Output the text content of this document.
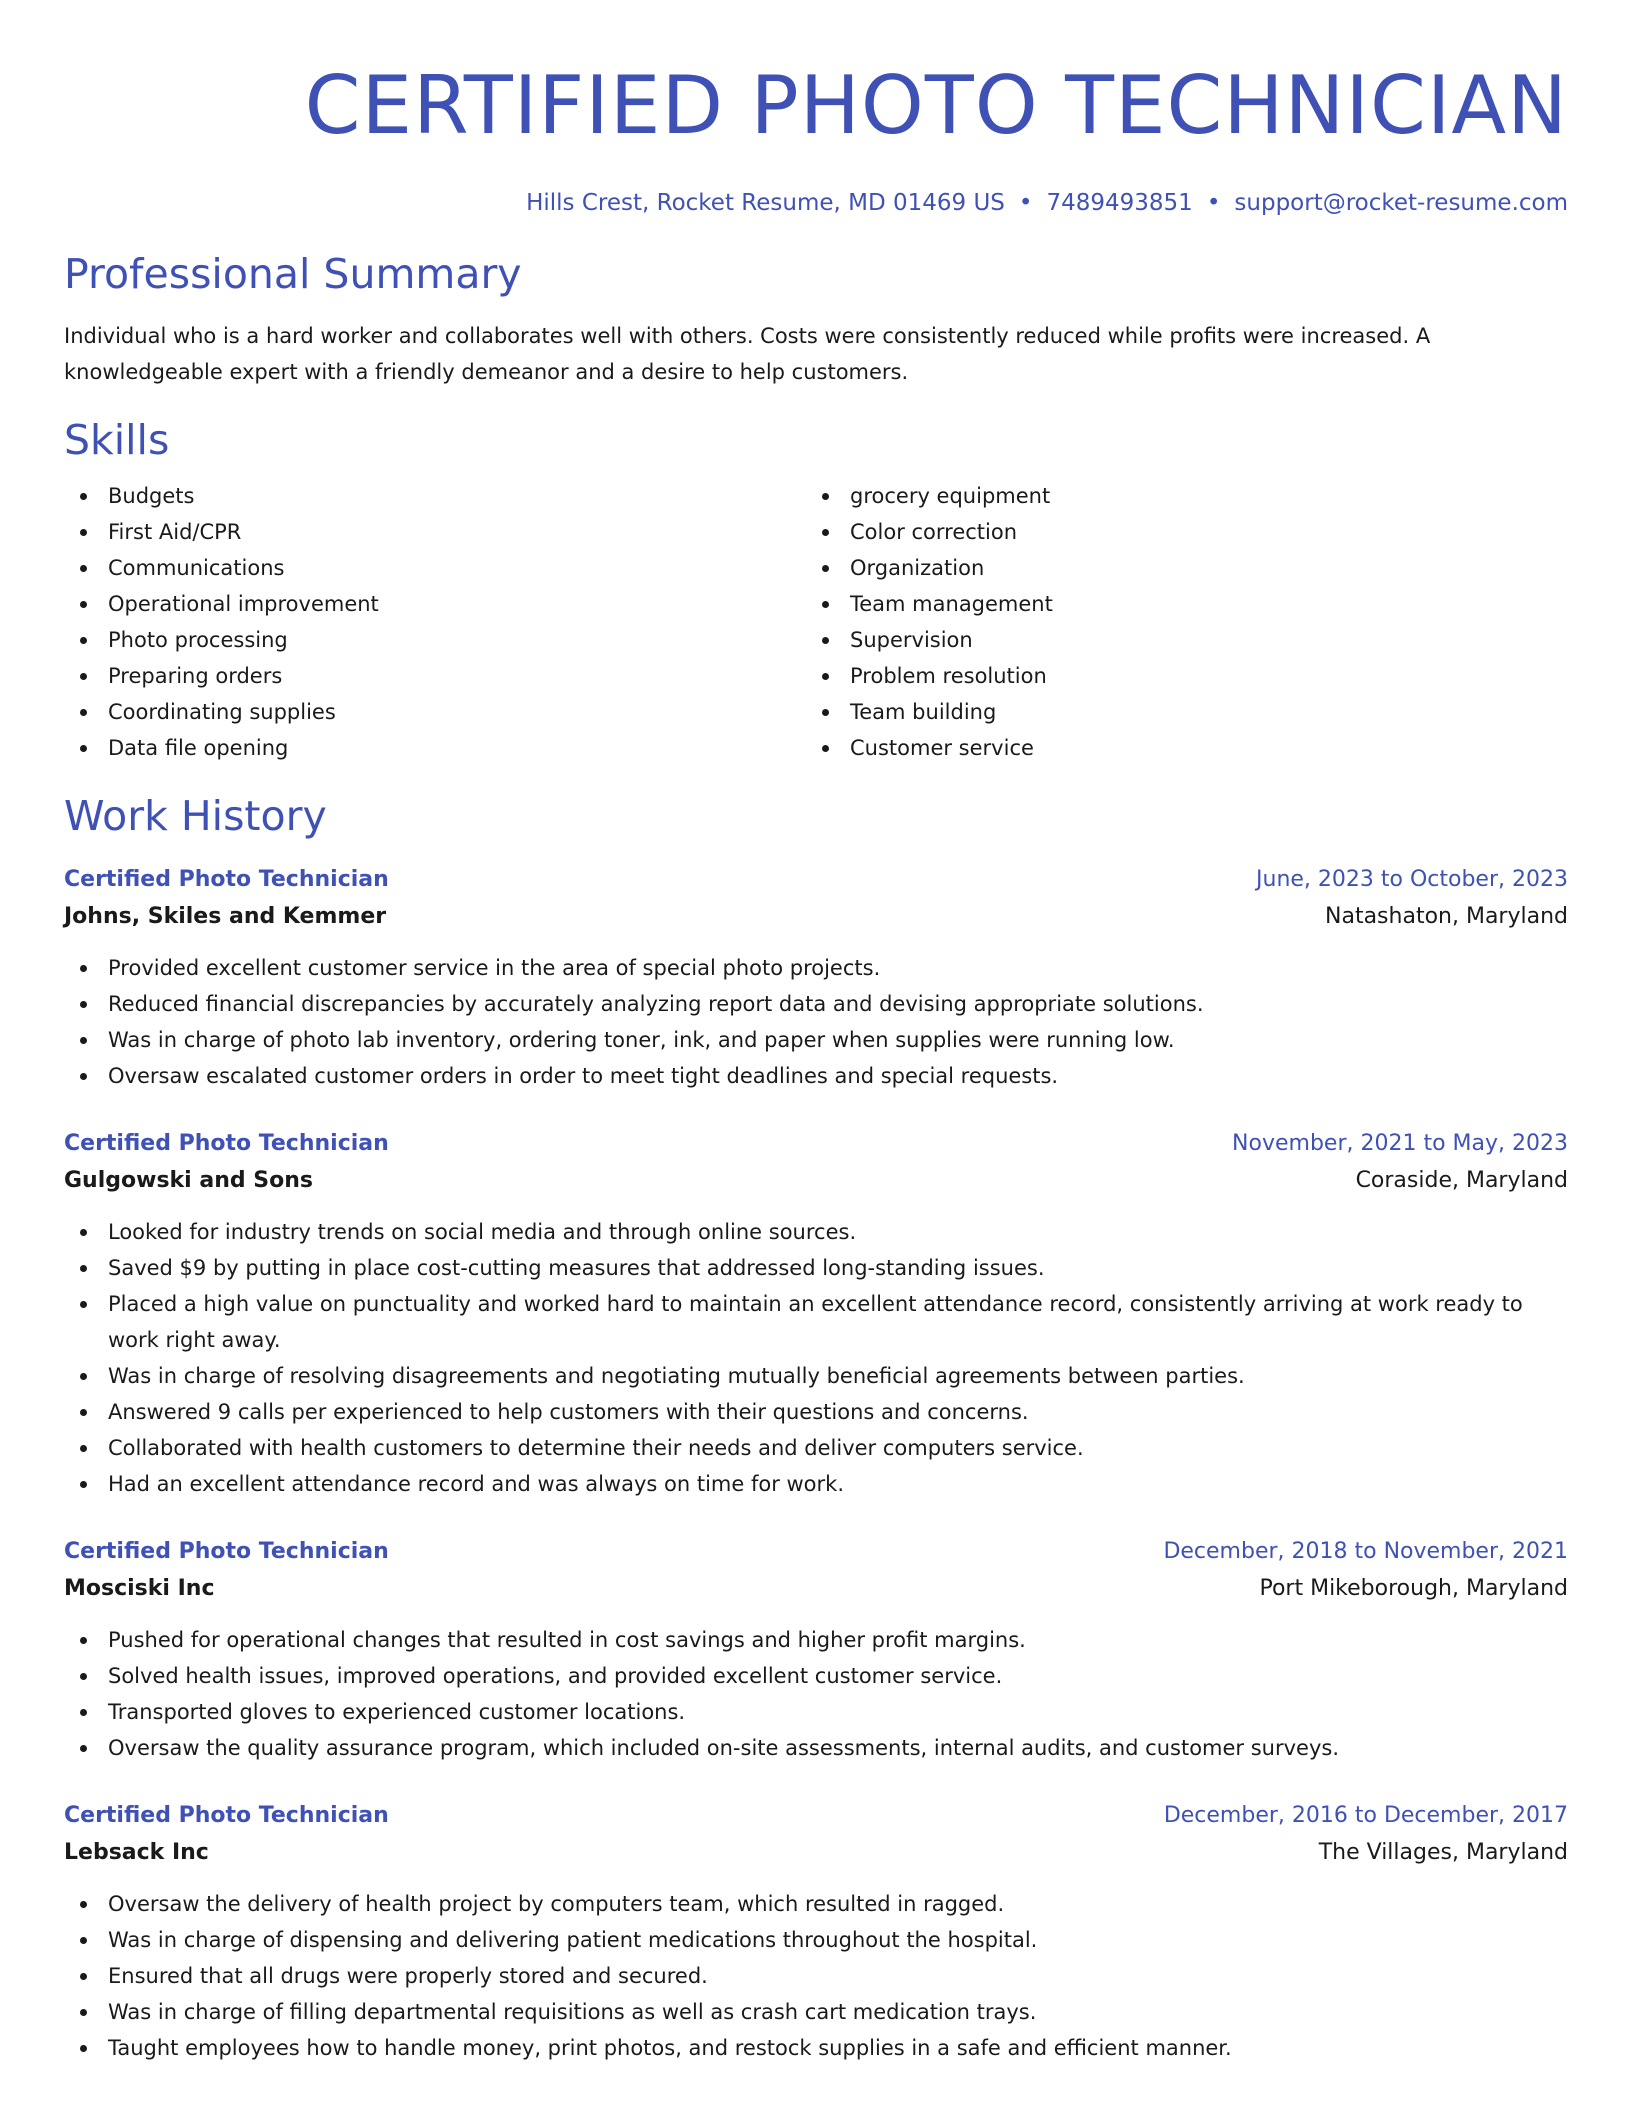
CERTIFIED PHOTO TECHNICIAN
Hills Crest, Rocket Resume, MD 01469 US • 7489493851 • support@rocket-resume.com
Professional Summary
Individual who is a hard worker and collaborates well with others. Costs were consistently reduced while profits were increased. A knowledgeable expert with a friendly demeanor and a desire to help customers.
Skills
Budgets
First Aid/CPR
Communications
Operational improvement
Photo processing
Preparing orders
Coordinating supplies
Data file opening
grocery equipment
Color correction
Organization
Team management
Supervision
Problem resolution
Team building
Customer service
Work History
Certified Photo Technician	June, 2023 to October, 2023
Johns, Skiles and Kemmer	Natashaton, Maryland
Provided excellent customer service in the area of special photo projects.
Reduced financial discrepancies by accurately analyzing report data and devising appropriate solutions.
Was in charge of photo lab inventory, ordering toner, ink, and paper when supplies were running low.
Oversaw escalated customer orders in order to meet tight deadlines and special requests.
Certified Photo Technician	November, 2021 to May, 2023
Gulgowski and Sons	Coraside, Maryland
Looked for industry trends on social media and through online sources.
Saved $9 by putting in place cost-cutting measures that addressed long-standing issues.
Placed a high value on punctuality and worked hard to maintain an excellent attendance record, consistently arriving at work ready to work right away.
Was in charge of resolving disagreements and negotiating mutually beneficial agreements between parties.
Answered 9 calls per experienced to help customers with their questions and concerns.
Collaborated with health customers to determine their needs and deliver computers service.
Had an excellent attendance record and was always on time for work.
Certified Photo Technician	December, 2018 to November, 2021
Mosciski Inc	Port Mikeborough, Maryland
Pushed for operational changes that resulted in cost savings and higher profit margins.
Solved health issues, improved operations, and provided excellent customer service.
Transported gloves to experienced customer locations.
Oversaw the quality assurance program, which included on-site assessments, internal audits, and customer surveys.
Certified Photo Technician	December, 2016 to December, 2017
Lebsack Inc	The Villages, Maryland
Oversaw the delivery of health project by computers team, which resulted in ragged.
Was in charge of dispensing and delivering patient medications throughout the hospital.
Ensured that all drugs were properly stored and secured.
Was in charge of filling departmental requisitions as well as crash cart medication trays.
Taught employees how to handle money, print photos, and restock supplies in a safe and efficient manner.
